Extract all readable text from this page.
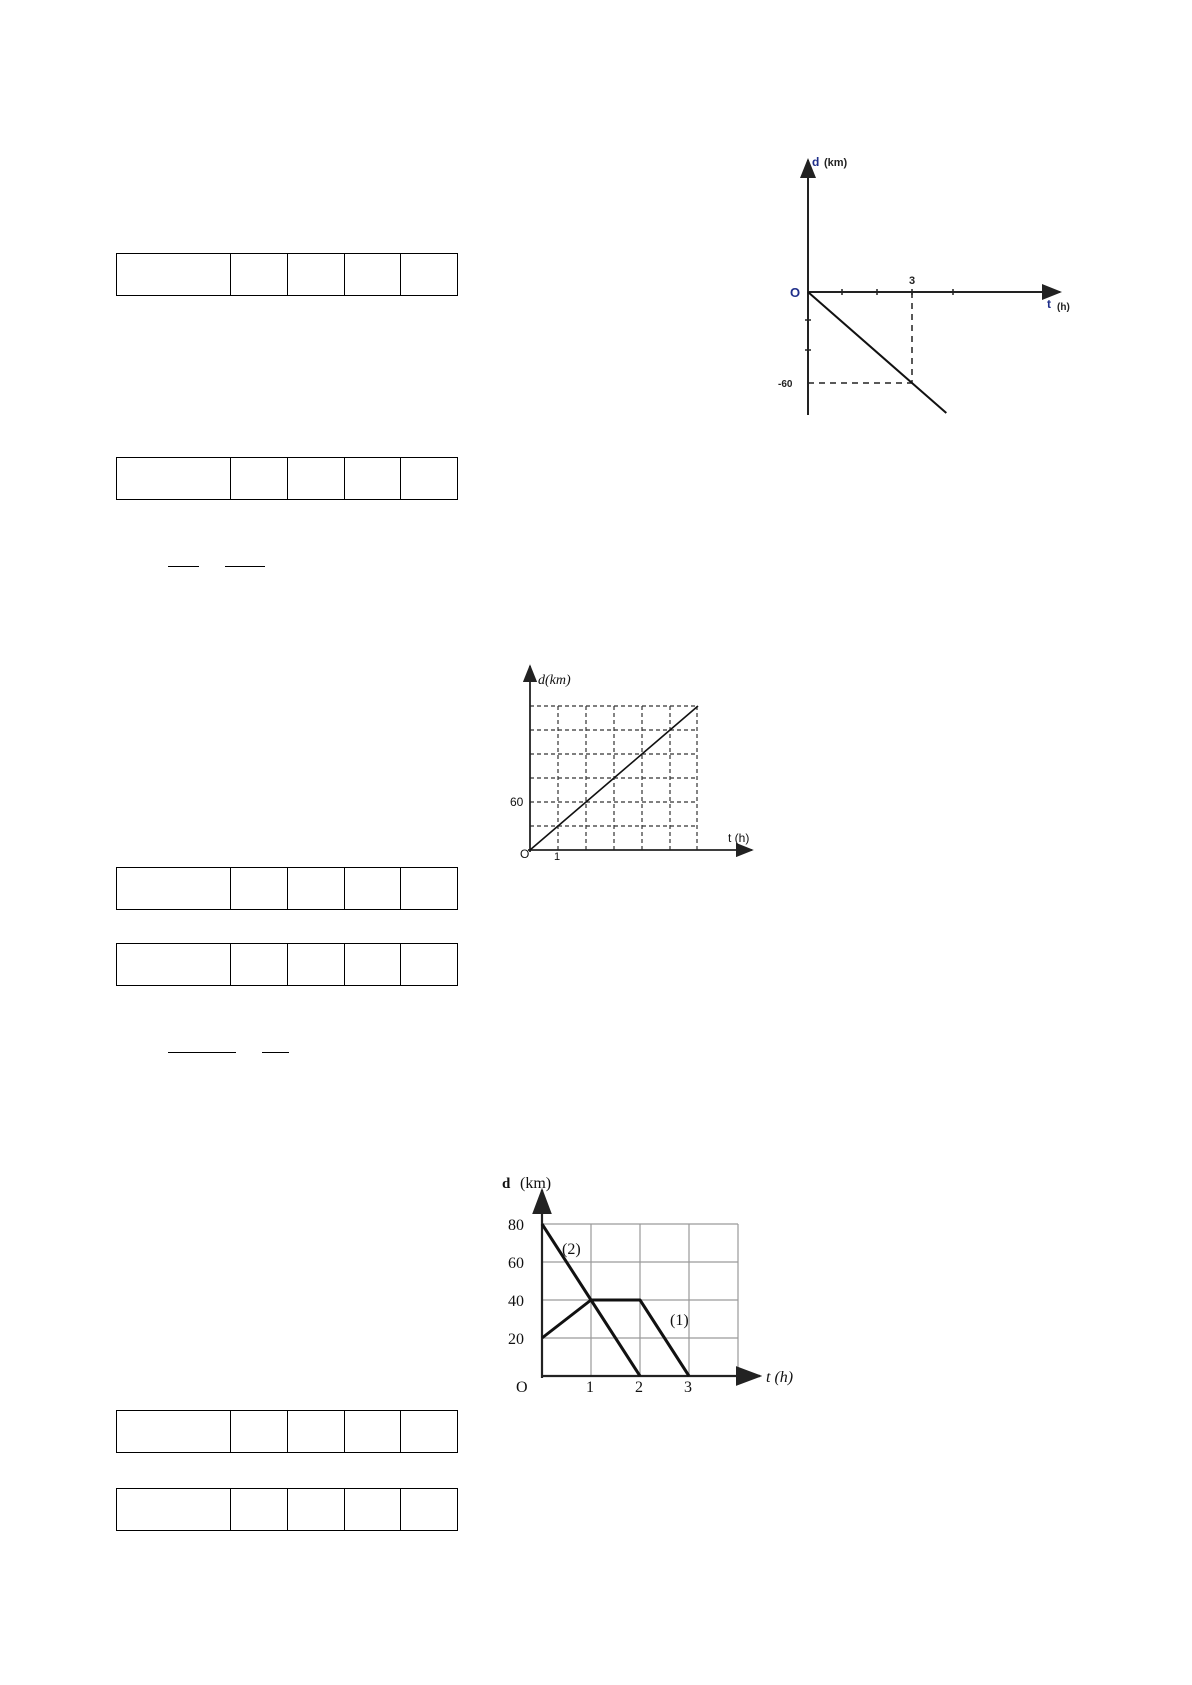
d (km)
O
3
-60
t (h)
d(km)
60
t (h)
O 1
d (km)
80
60
40
20
O	1	2	3
t (h)
(2)
(1)
